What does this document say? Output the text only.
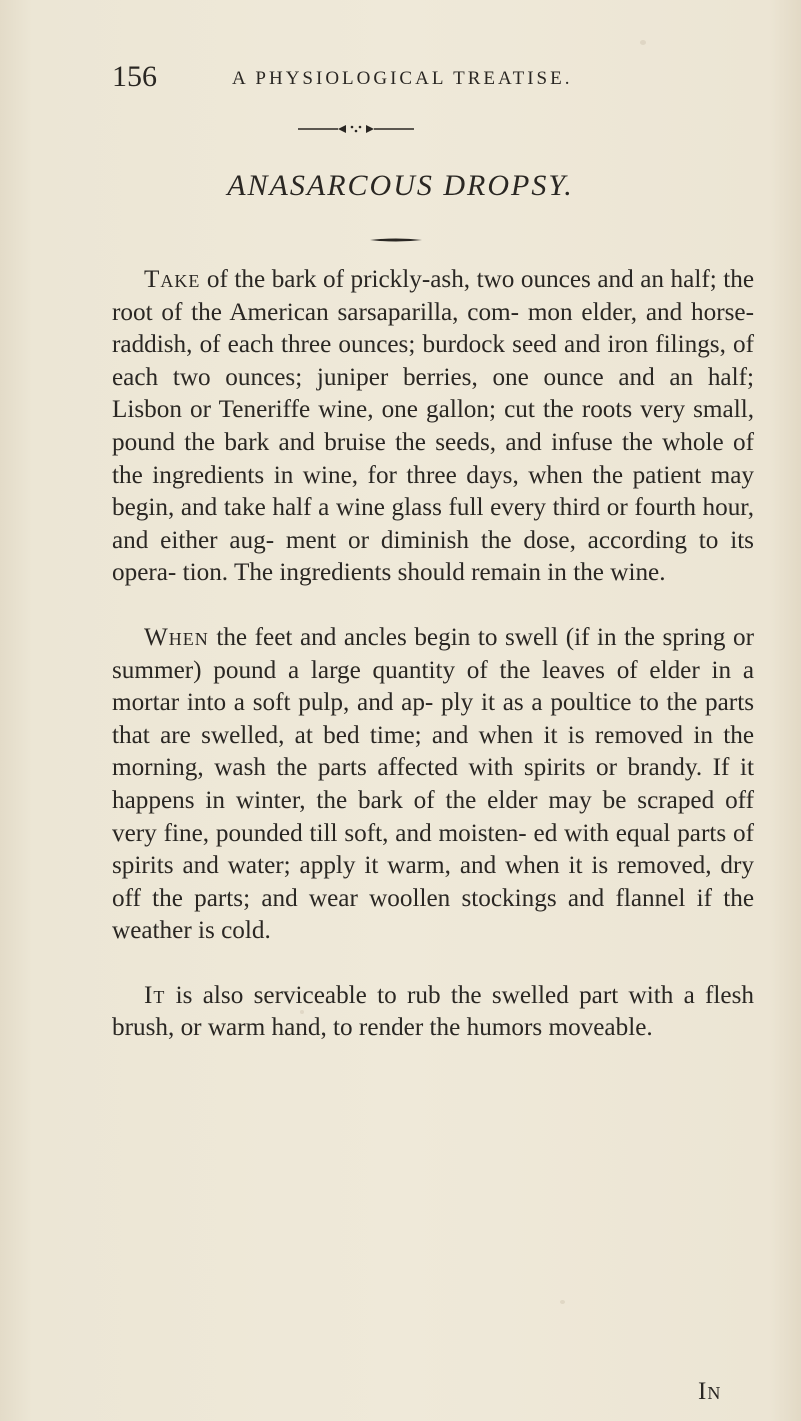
156	A PHYSIOLOGICAL TREATISE.
ANASARCOUS DROPSY.

Take of the bark of prickly-ash, two ounces and an half; the root of the American sarsaparilla, com- mon elder, and horse-raddish, of each three ounces; burdock seed and iron filings, of each two ounces; juniper berries, one ounce and an half; Lisbon or Teneriffe wine, one gallon; cut the roots very small, pound the bark and bruise the seeds, and infuse the whole of the ingredients in wine, for three days, when the patient may begin, and take half a wine glass full every third or fourth hour, and either aug- ment or diminish the dose, according to its opera- tion. The ingredients should remain in the wine.

When the feet and ancles begin to swell (if in the spring or summer) pound a large quantity of the leaves of elder in a mortar into a soft pulp, and ap- ply it as a poultice to the parts that are swelled, at bed time; and when it is removed in the morning, wash the parts affected with spirits or brandy. If it happens in winter, the bark of the elder may be scraped off very fine, pounded till soft, and moisten- ed with equal parts of spirits and water; apply it warm, and when it is removed, dry off the parts; and wear woollen stockings and flannel if the weather is cold.

It is also serviceable to rub the swelled part with a flesh brush, or warm hand, to render the humors moveable.

In
